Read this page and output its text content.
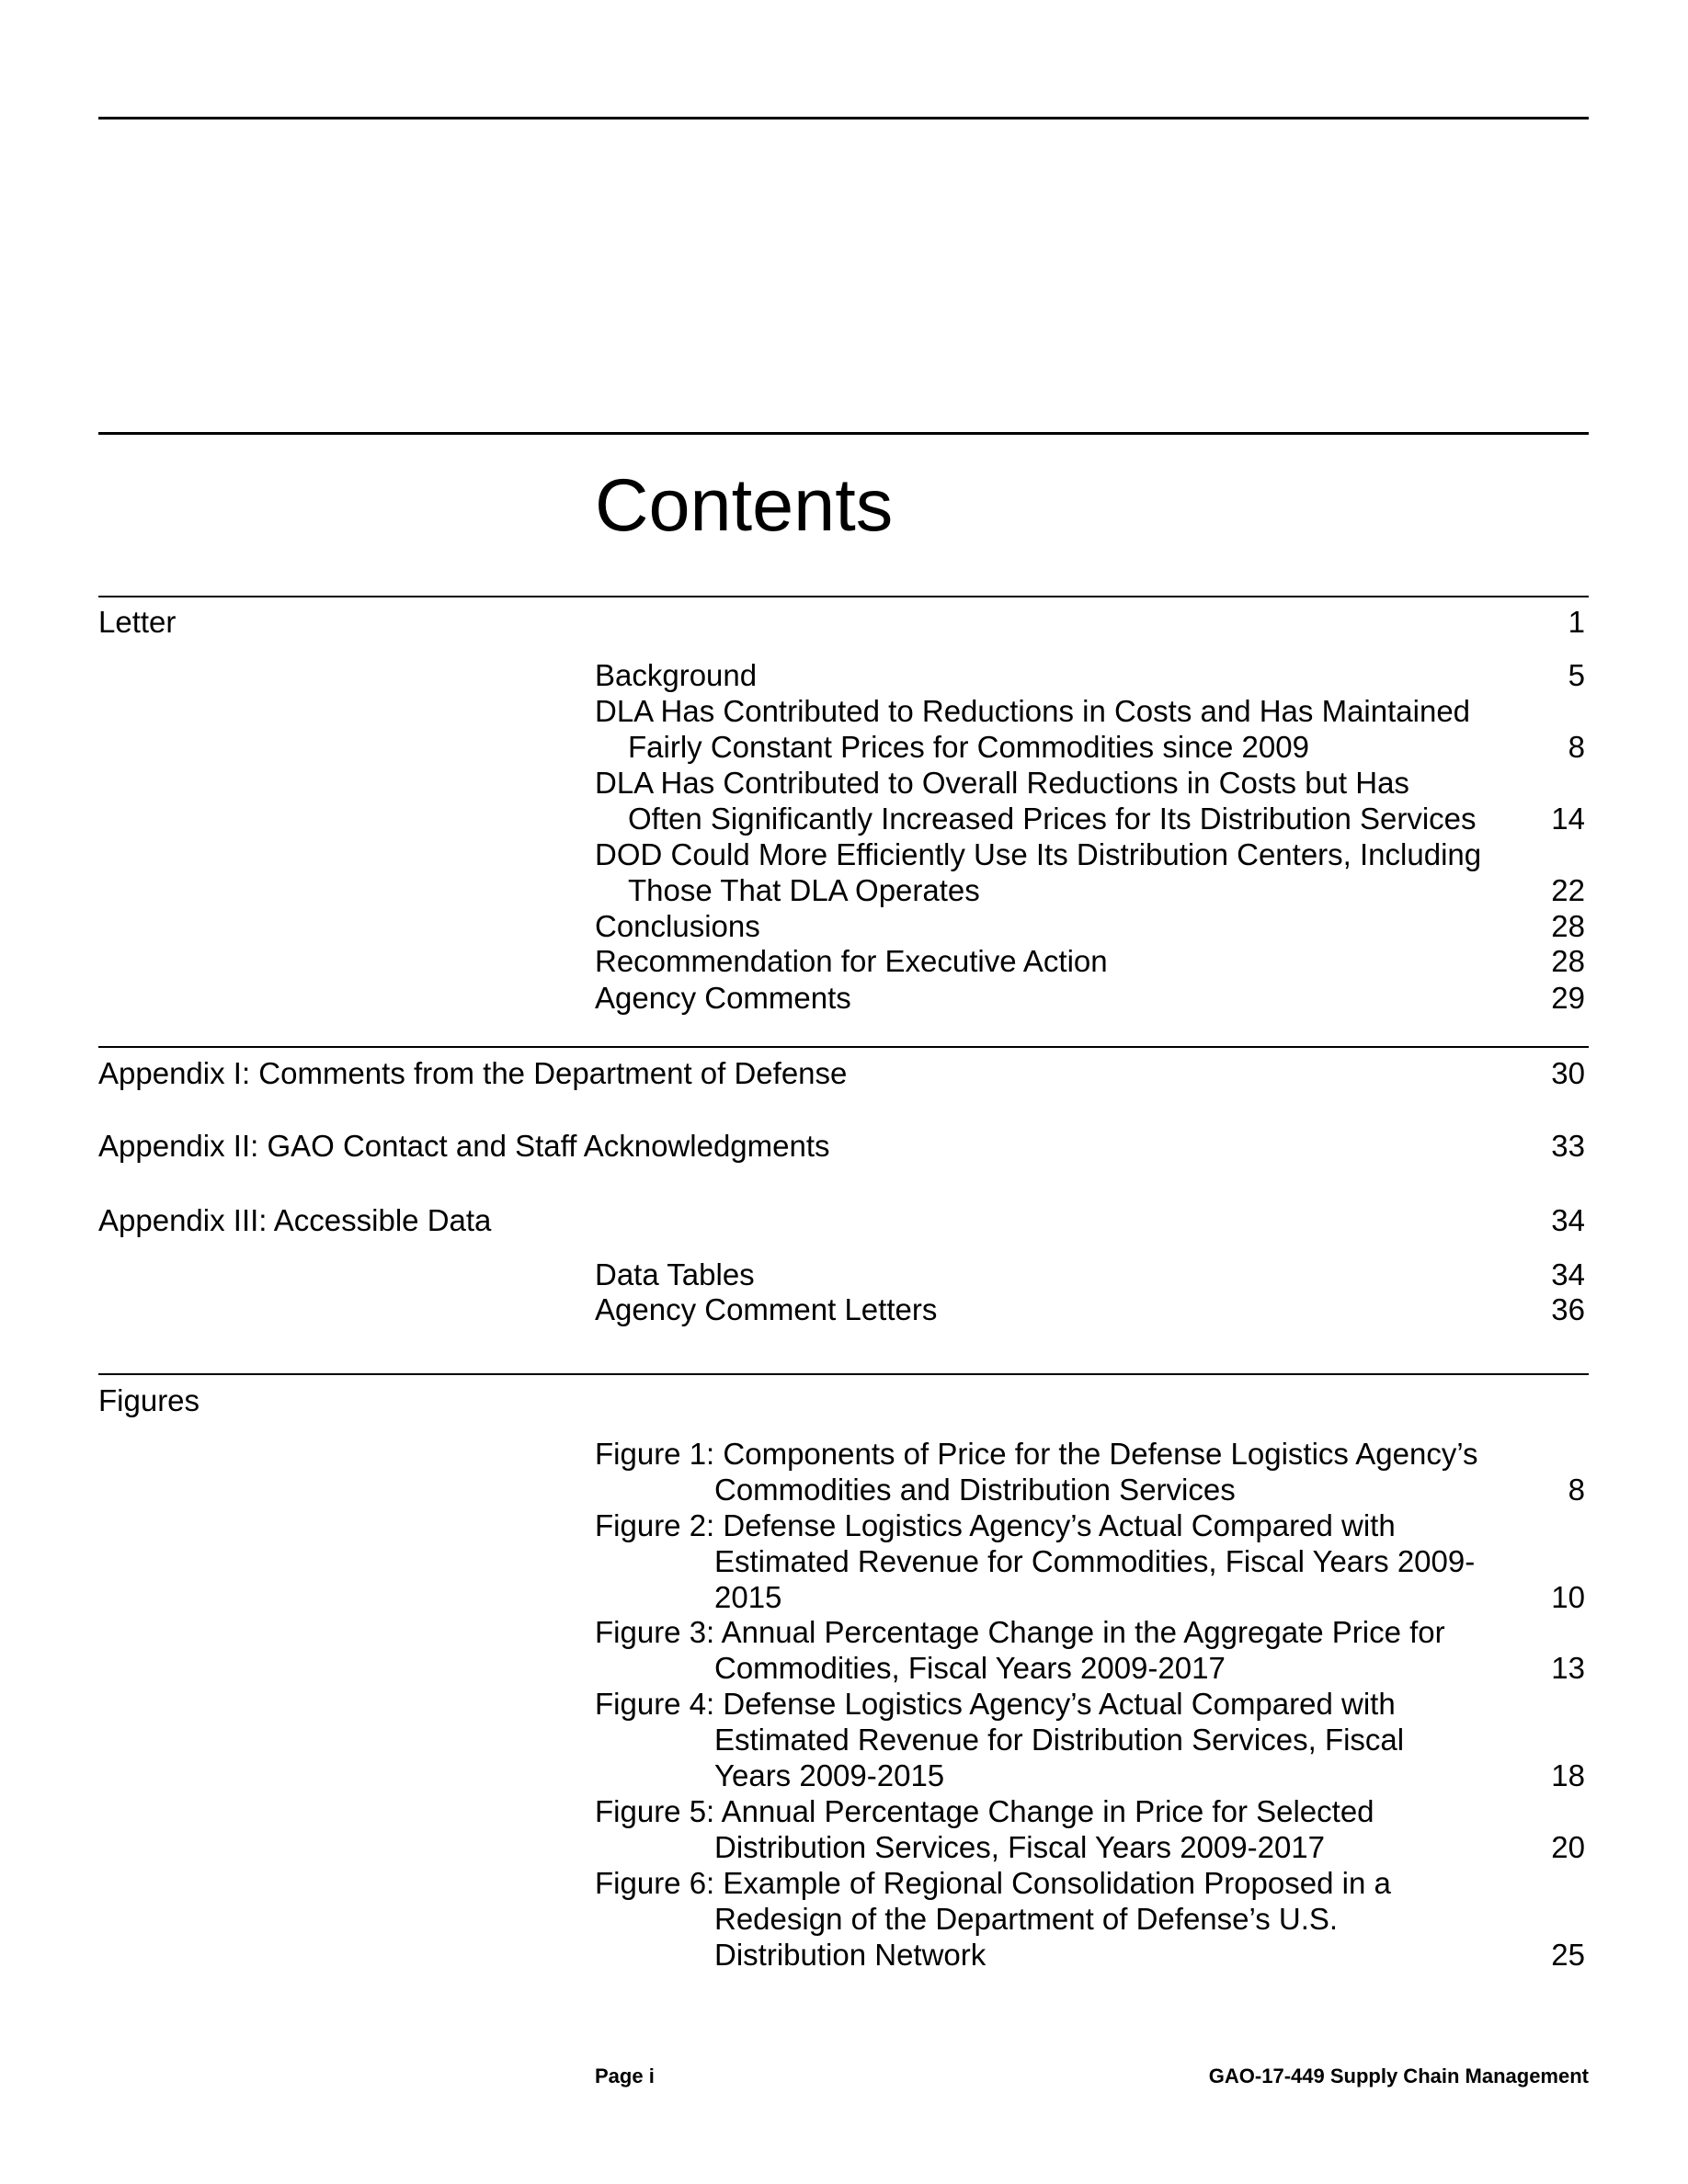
Contents
Letter	1
Background	5
DLA Has Contributed to Reductions in Costs and Has Maintained
Fairly Constant Prices for Commodities since 2009	8
DLA Has Contributed to Overall Reductions in Costs but Has
Often Significantly Increased Prices for Its Distribution Services	14
DOD Could More Efficiently Use Its Distribution Centers, Including
Those That DLA Operates	22
Conclusions	28
Recommendation for Executive Action	28
Agency Comments	29
Appendix I: Comments from the Department of Defense	30
Appendix II: GAO Contact and Staff Acknowledgments	33
Appendix III: Accessible Data	34
Data Tables	34
Agency Comment Letters	36
Figures
Figure 1: Components of Price for the Defense Logistics Agency’s
Commodities and Distribution Services	8
Figure 2: Defense Logistics Agency’s Actual Compared with
Estimated Revenue for Commodities, Fiscal Years 2009-
2015	10
Figure 3: Annual Percentage Change in the Aggregate Price for
Commodities, Fiscal Years 2009-2017	13
Figure 4: Defense Logistics Agency’s Actual Compared with
Estimated Revenue for Distribution Services, Fiscal
Years 2009-2015	18
Figure 5: Annual Percentage Change in Price for Selected
Distribution Services, Fiscal Years 2009-2017	20
Figure 6: Example of Regional Consolidation Proposed in a
Redesign of the Department of Defense’s U.S.
Distribution Network	25
Page i	GAO-17-449 Supply Chain Management
